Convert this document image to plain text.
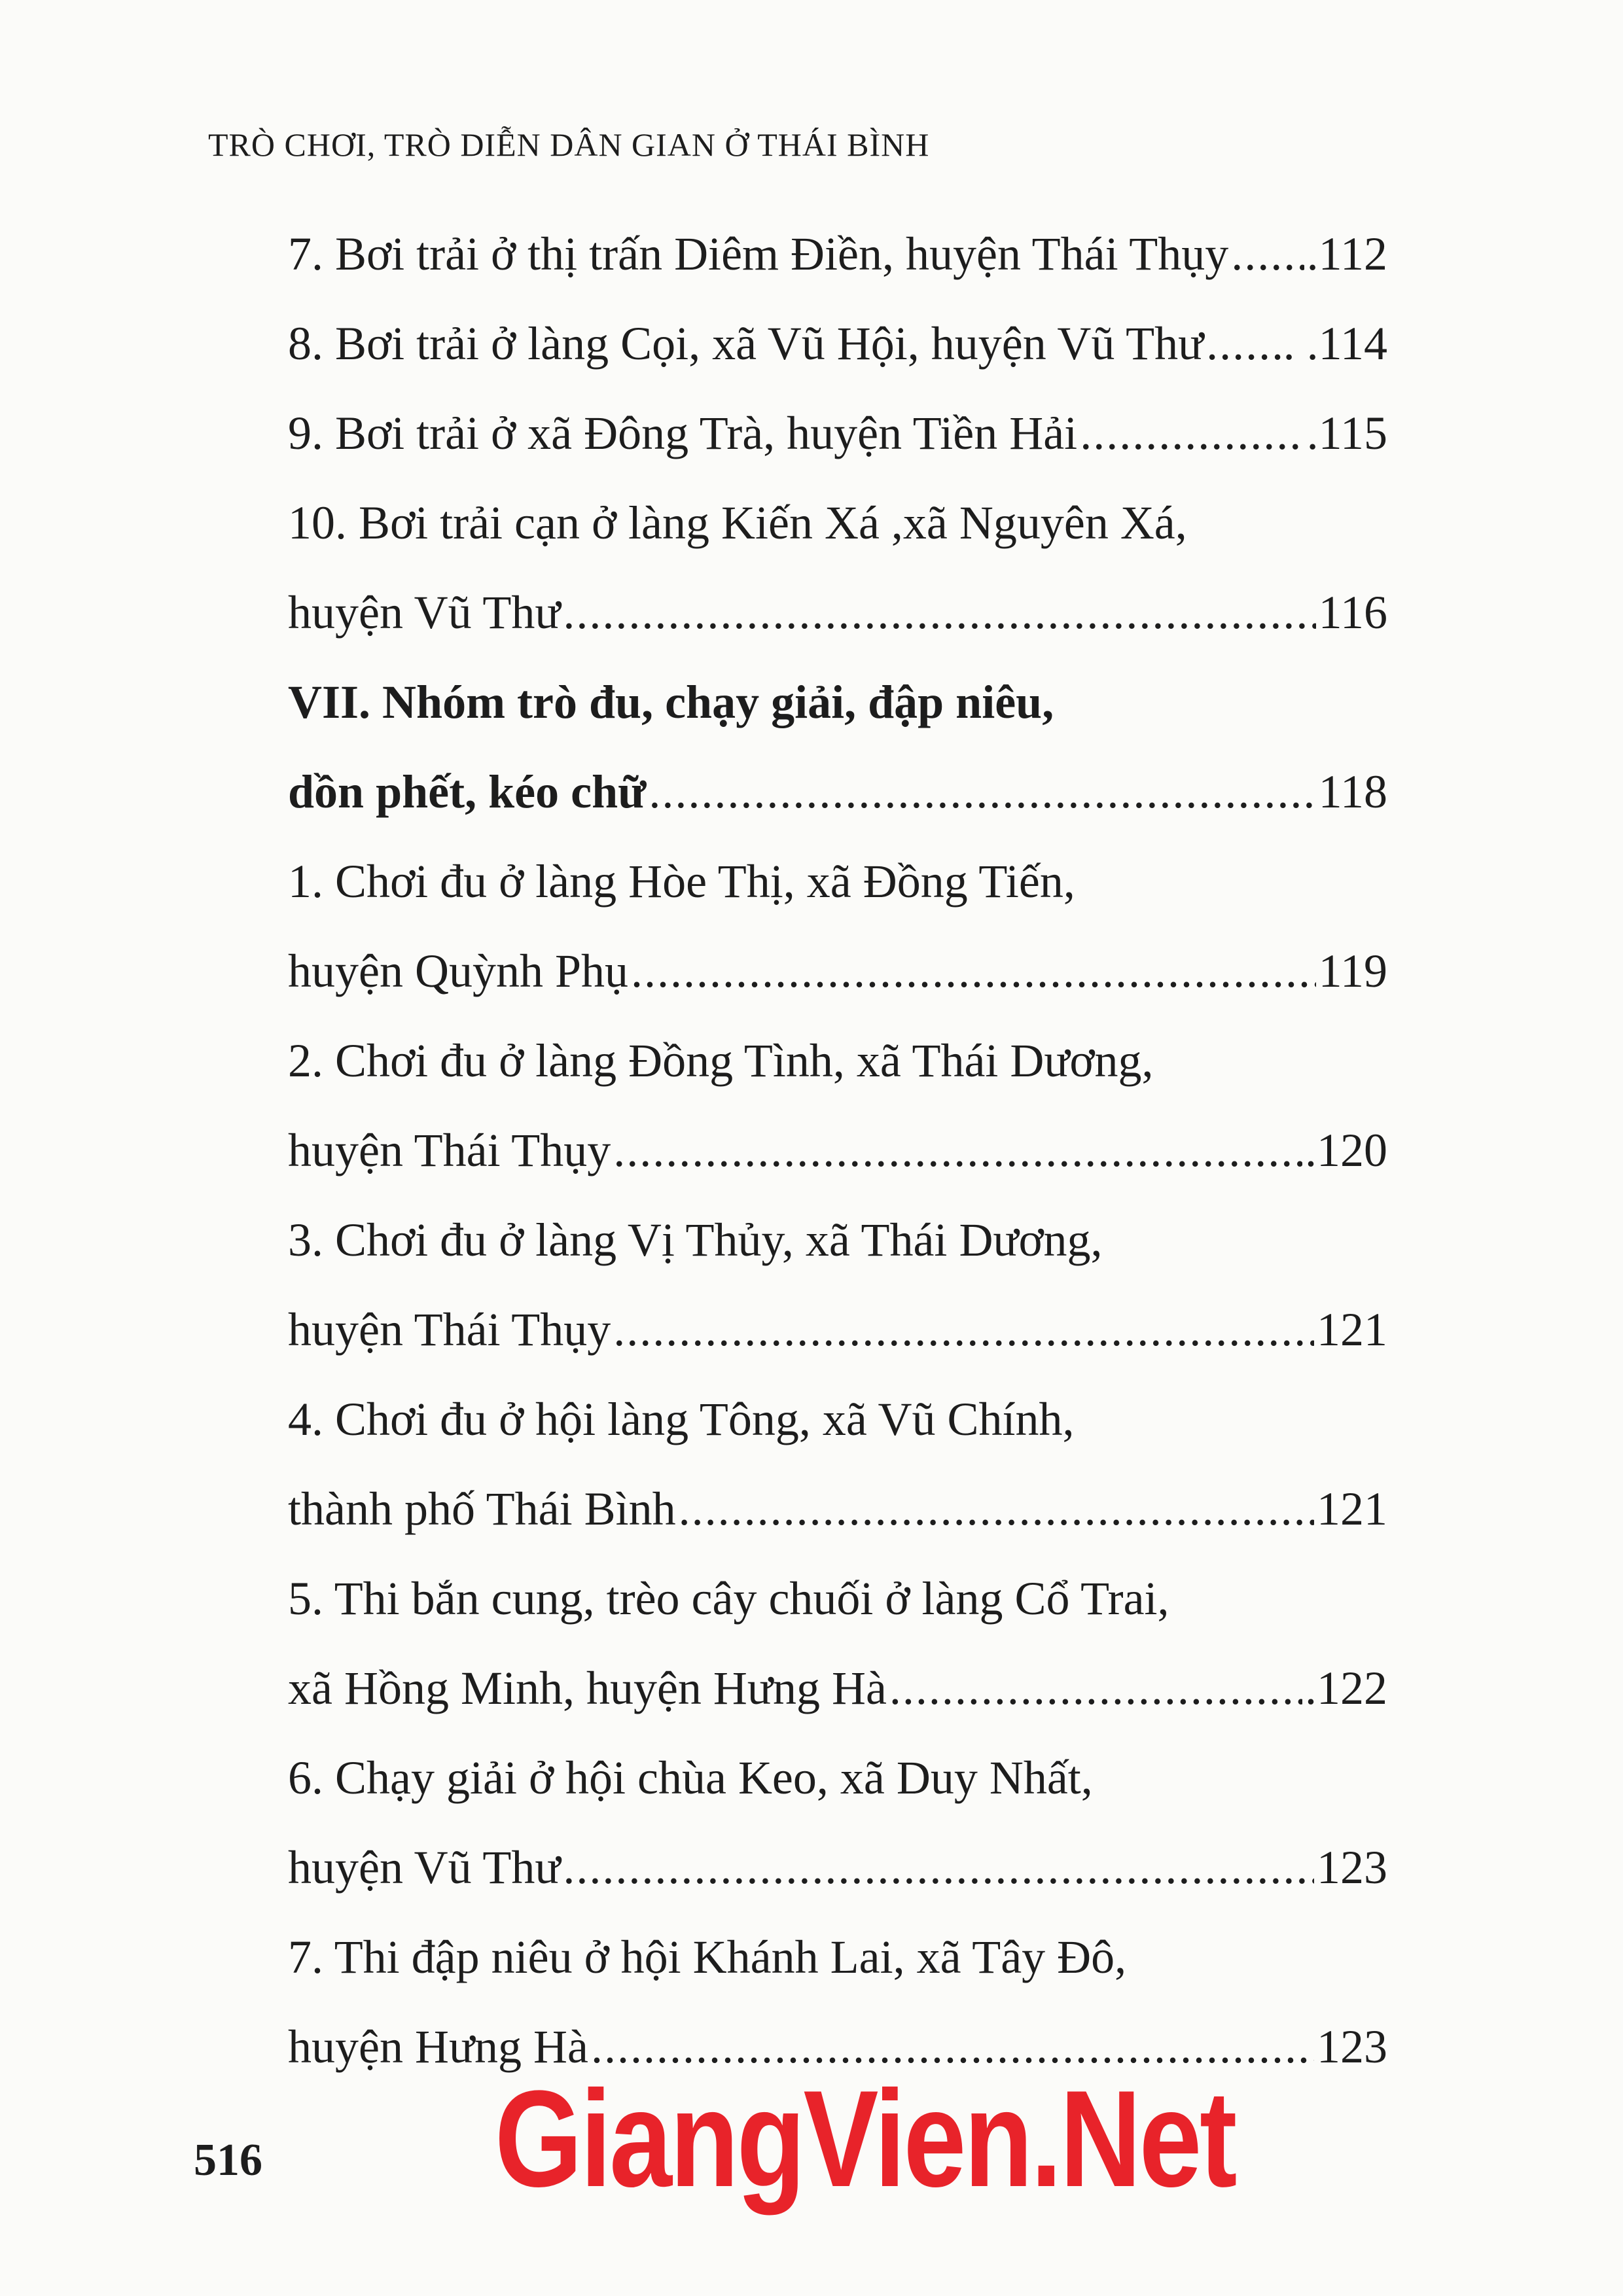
TRÒ CHƠI, TRÒ DIỄN DÂN GIAN Ở THÁI BÌNH
7. Bơi trải ở thị trấn Diêm Điền, huyện Thái Thụy ..... .112
8. Bơi trải ở làng Cọi, xã Vũ Hội, huyện Vũ Thư ..... . .114
9. Bơi trải ở xã Đông Trà, huyện Tiền Hải .....	.115
10. Bơi trải cạn ở làng Kiến Xá ,xã Nguyên Xá,
huyện Vũ Thư .....	116
VII. Nhóm trò đu, chạy giải, đập niêu,
dồn phết, kéo chữ .....	118
1. Chơi đu ở làng Hòe Thị, xã Đồng Tiến,
huyện Quỳnh Phụ .....	119
2. Chơi đu ở làng Đồng Tình, xã Thái Dương,
huyện Thái Thụy .....	.120
3. Chơi đu ở làng Vị Thủy, xã Thái Dương,
huyện Thái Thụy .....	121
4. Chơi đu ở hội làng Tông, xã Vũ Chính,
thành phố Thái Bình .....	121
5. Thi bắn cung, trèo cây chuối ở làng Cổ Trai,
xã Hồng Minh, huyện Hưng Hà .....	.122
6. Chạy giải ở hội chùa Keo, xã Duy Nhất,
huyện Vũ Thư .....	123
7. Thi đập niêu ở hội Khánh Lai, xã Tây Đô,
huyện Hưng Hà .....	123
516 GiangVien.Net
